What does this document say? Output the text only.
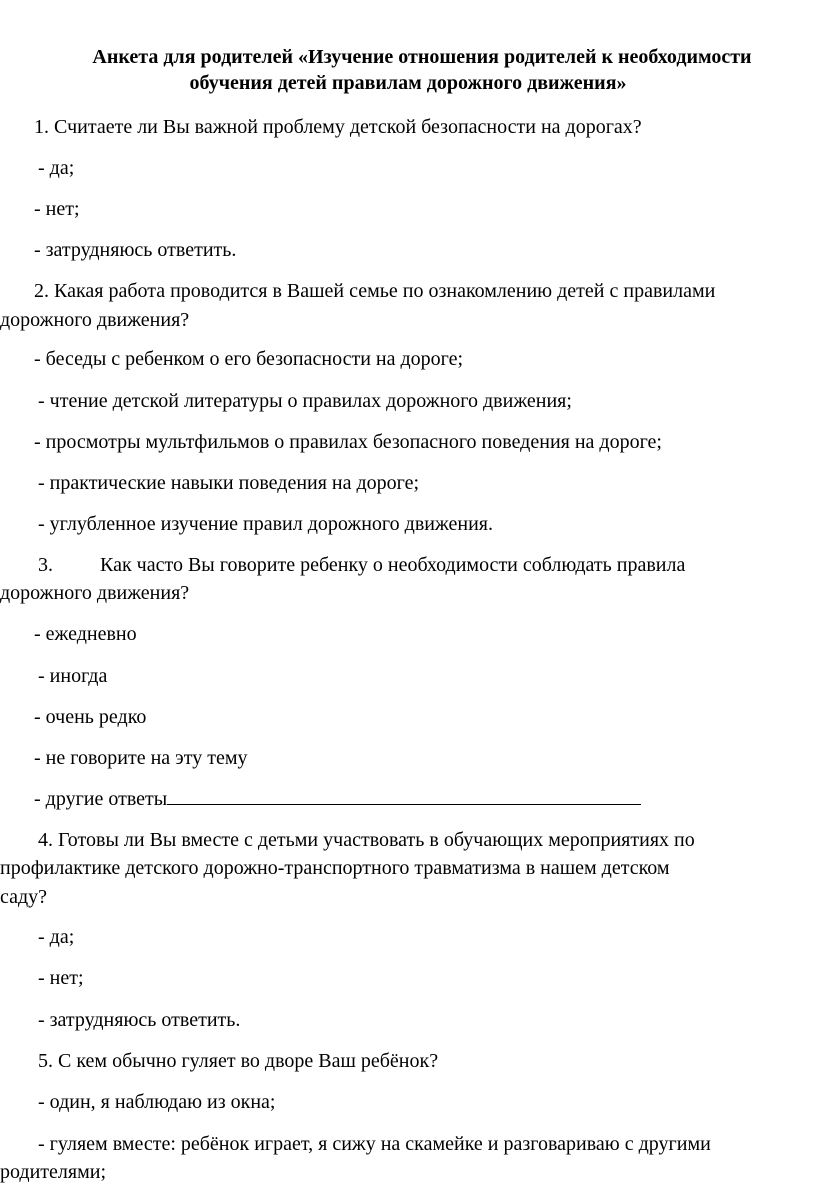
Анкета для родителей «Изучение отношения родителей к необходимости

обучения детей правилам дорожного движения»

1. Считаете ли Вы важной проблему детской безопасности на дорогах?

- да;

- нет;

- затрудняюсь ответить.

2. Какая работа проводится в Вашей семье по ознакомлению детей с правилами

дорожного движения?

- беседы с ребенком о его безопасности на дороге;

- чтение детской литературы о правилах дорожного движения;

- просмотры мультфильмов о правилах безопасного поведения на дороге;

- практические навыки поведения на дороге;

- углубленное изучение правил дорожного движения.

3. Как часто Вы говорите ребенку о необходимости соблюдать правила

дорожного движения?

- ежедневно

- иногда

- очень редко

- не говорите на эту тему

- другие ответы

4. Готовы ли Вы вместе с детьми участвовать в обучающих мероприятиях по

профилактике детского дорожно-транспортного травматизма в нашем детском

саду?

- да;

- нет;

- затрудняюсь ответить.

5. С кем обычно гуляет во дворе Ваш ребёнок?

- один, я наблюдаю из окна;

- гуляем вместе: ребёнок играет, я сижу на скамейке и разговариваю с другими

родителями;
